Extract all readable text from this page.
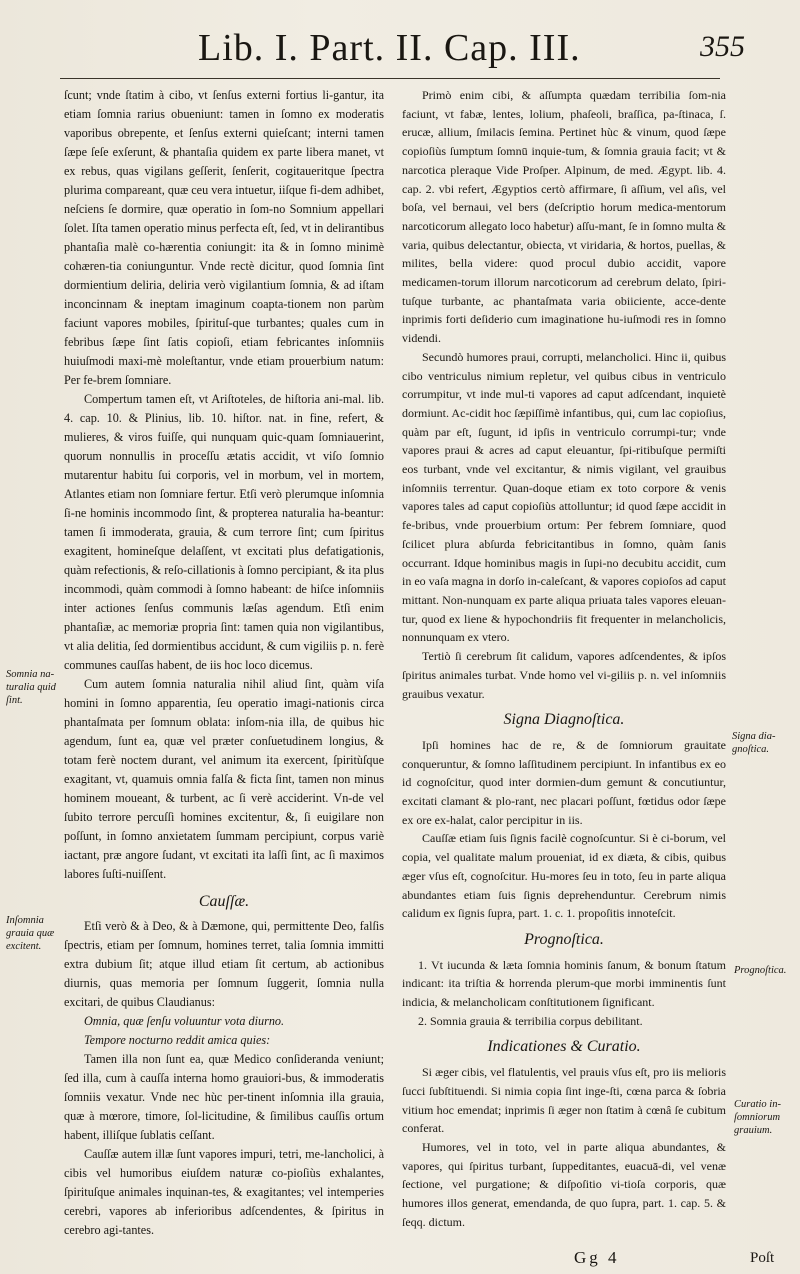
Lib. I. Part. II. Cap. III.	355

ſcunt; vnde ſtatim à cibo, vt ſenſus externi fortius li-gantur, ita etiam ſomnia rarius obueniunt: tamen in ſomno ex moderatis vaporibus obrepente, et ſenſus externi quieſcant; interni tamen ſæpe ſeſe exſerunt, & phantaſia quidem ex parte libera manet, vt ex rebus, quas vigilans geſſerit, ſenſerit, cogitaueritque ſpectra plurima compareant, quæ ceu vera intuetur, iiſque fi-dem adhibet, neſciens ſe dormire, quæ operatio in ſom-no Somnium appellari ſolet. Iſta tamen operatio minus perfecta eſt, ſed, vt in delirantibus phantaſia malè co-hærentia coniungit: ita & in ſomno minimè cohæren-tia coniunguntur. Vnde rectè dicitur, quod ſomnia ſint dormientium deliria, deliria verò vigilantium ſomnia, & ad iſtam inconcinnam & ineptam imaginum coapta-tionem non parùm faciunt vapores mobiles, ſpirituſ-que turbantes; quales cum in febribus ſæpe ſint ſatis copioſi, etiam febricantes inſomniis huiuſmodi maxi-mè moleſtantur, vnde etiam prouerbium natum: Per fe-brem ſomniare.

Compertum tamen eſt, vt Ariſtoteles, de hiſtoria ani-mal. lib. 4. cap. 10. & Plinius, lib. 10. hiſtor. nat. in fine, refert, & mulieres, & viros fuiſſe, qui nunquam quic-quam ſomniauerint, quorum nonnullis in proceſſu ætatis accidit, vt viſo ſomnio mutarentur habitu ſui corporis, vel in morbum, vel in mortem, Atlantes etiam non ſomniare fertur. Etſi verò plerumque inſomnia ſi-ne hominis incommodo ſint, & propterea naturalia ha-beantur: tamen ſi immoderata, grauia, & cum terrore ſint; cum ſpiritus exagitent, homineſque delaſſent, vt excitati plus defatigationis, quàm refectionis, & reſo-cillationis à ſomno percipiant, & ita plus incommodi, quàm commodi à ſomno habeant: de hiſce inſomniis inter actiones ſenſus communis læſas agendum. Etſi enim phantaſiæ, ac memoriæ propria ſint: tamen quia non vigilantibus, vt alia delitia, ſed dormientibus accidunt, & cum vigiliis p. n. ferè communes cauſſas habent, de iis hoc loco dicemus.

Cum autem ſomnia naturalia nihil aliud ſint, quàm viſa homini in ſomno apparentia, ſeu operatio imagi-nationis circa phantaſmata per ſomnum oblata: inſom-nia illa, de quibus hic agendum, ſunt ea, quæ vel præter conſuetudinem longius, & totam ferè noctem durant, vel animum ita exercent, ſpiritùſque exagitant, vt, quamuis omnia falſa & ficta ſint, tamen non minus hominem moueant, & turbent, ac ſi verè acciderint. Vn-de vel ſubito terrore percuſſi homines excitentur, &, ſi euigilare non poſſunt, in ſomno anxietatem ſummam percipiunt, corpus variè iactant, præ angore ſudant, vt excitati ita laſſi ſint, ac ſi maximos labores ſuſti-nuiſſent.

Cauſſæ.

Etſi verò & à Deo, & à Dæmone, qui, permittente Deo, falſis ſpectris, etiam per ſomnum, homines terret, talia ſomnia immitti extra dubium ſit; atque illud etiam ſit certum, ab actionibus diurnis, quas memoria per ſomnum ſuggerit, ſomnia nulla excitari, de quibus Claudianus:

Omnia, quæ ſenſu voluuntur vota diurno.
Tempore nocturno reddit amica quies:

Tamen illa non ſunt ea, quæ Medico conſideranda veniunt; ſed illa, cum à cauſſa interna homo grauiori-bus, & immoderatis ſomniis vexatur. Vnde nec hùc per-tinent inſomnia illa grauia, quæ à mœrore, timore, ſol-licitudine, & ſimilibus cauſſis ortum habent, illiſque ſublatis ceſſant.

Cauſſæ autem illæ ſunt vapores impuri, tetri, me-lancholici, à cibis vel humoribus eiuſdem naturæ co-pioſiùs exhalantes, ſpirituſque animales inquinan-tes, & exagitantes; vel intemperies cerebri, vapores ab inferioribus adſcendentes, & ſpiritus in cerebro agi-tantes.

Primò enim cibi, & aſſumpta quædam terribilia ſom-nia faciunt, vt fabæ, lentes, lolium, phaſeoli, braſſica, pa-ſtinaca, ſ. erucæ, allium, ſmilacis ſemina. Pertinet hùc & vinum, quod ſæpe copioſiùs ſumptum ſomnū inquie-tum, & ſomnia grauia facit; vt & narcotica pleraque Vide Proſper. Alpinum, de med. Ægypt. lib. 4. cap. 2. vbi refert, Ægyptios certò affirmare, ſi aſſium, vel aſis, vel boſa, vel bernaui, vel bers (deſcriptio horum medica-mentorum narcoticorum allegato loco habetur) aſſu-mant, ſe in ſomno multa & varia, quibus delectantur, obiecta, vt viridaria, & hortos, puellas, & milites, bella videre: quod procul dubio accidit, vapore medicamen-torum illorum narcoticorum ad cerebrum delato, ſpiri-tuſque turbante, ac phantaſmata varia obiiciente, acce-dente inprimis forti deſiderio cum imaginatione hu-iuſmodi res in ſomno videndi.

Secundò humores praui, corrupti, melancholici. Hinc ii, quibus cibo ventriculus nimium repletur, vel quibus cibus in ventriculo corrumpitur, vt inde mul-ti vapores ad caput adſcendant, inquietè dormiunt. Ac-cidit hoc ſæpiſſimè infantibus, qui, cum lac copioſius, quàm par eſt, ſugunt, id ipſis in ventriculo corrumpi-tur; vnde vapores praui & acres ad caput eleuantur, ſpi-ritibuſque permiſti eos turbant, vnde vel excitantur, & nimis vigilant, vel grauibus inſomniis terrentur. Quan-doque etiam ex toto corpore & venis vapores tales ad caput copioſiùs attolluntur; id quod ſæpe accidit in fe-bribus, vnde prouerbium ortum: Per febrem ſomniare, quod ſcilicet plura abſurda febricitantibus in ſomno, quàm ſanis occurrant. Idque hominibus magis in ſupi-no decubitu accidit, cum in eo vaſa magna in dorſo in-caleſcant, & vapores copioſos ad caput mittant. Non-nunquam ex parte aliqua priuata tales vapores eleuan-tur, quod ex liene & hypochondriis fit frequenter in melancholicis, nonnunquam ex vtero.

Tertiò ſi cerebrum ſit calidum, vapores adſcendentes, & ipſos ſpiritus animales turbat. Vnde homo vel vi-giliis p. n. vel inſomniis grauibus vexatur.

Signa Diagnoſtica.

Ipſi homines hac de re, & de ſomniorum grauitate conqueruntur, & ſomno laſſitudinem percipiunt. In infantibus ex eo id cognoſcitur, quod inter dormien-dum gemunt & concutiuntur, excitati clamant & plo-rant, nec placari poſſunt, fœtidus odor ſæpe ex ore ex-halat, calor percipitur in iis.

Cauſſæ etiam ſuis ſignis facilè cognoſcuntur. Si è ci-borum, vel copia, vel qualitate malum proueniat, id ex diæta, & cibis, quibus æger vſus eſt, cognoſcitur. Hu-mores ſeu in toto, ſeu in parte aliqua abundantes etiam ſuis ſignis deprehenduntur. Cerebrum nimis calidum ex ſignis ſupra, part. 1. c. 1. propoſitis innoteſcit.

Prognoſtica.

1. Vt iucunda & læta ſomnia hominis ſanum, & bonum ſtatum indicant: ita triſtia & horrenda plerum-que morbi imminentis ſunt indicia, & melancholicam conſtitutionem ſignificant.

2. Somnia grauia & terribilia corpus debilitant.

Indicationes & Curatio.

Si æger cibis, vel flatulentis, vel prauis vſus eſt, pro iis melioris ſucci ſubſtituendi. Si nimia copia ſint inge-ſti, cœna parca & ſobria vitium hoc emendat; inprimis ſi æger non ſtatim à cœnâ ſe cubitum conferat.

Humores, vel in toto, vel in parte aliqua abundantes, & vapores, qui ſpiritus turbant, ſuppeditantes, euacuā-di, vel venæ ſectione, vel purgatione; & diſpoſitio vi-tioſa corporis, quæ humores illos generat, emendanda, de quo ſupra, part. 1. cap. 5. & ſeqq. dictum.

Somnia na-turalia quid ſint.
Inſomnia grauia quæ excitent.
Signa dia-gnoſtica.
Prognoſtica.
Curatio in-ſomniorum grauium.
Gg 4	Poſt
